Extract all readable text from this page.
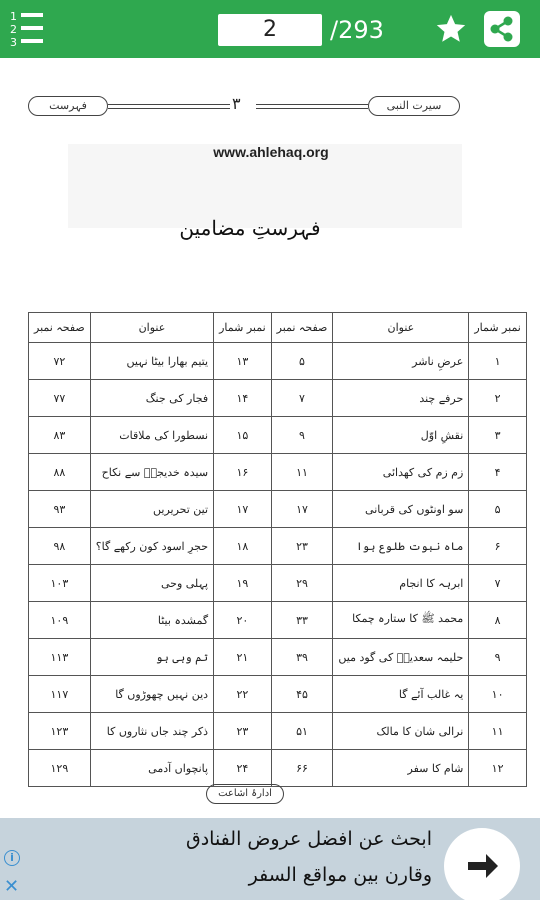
1
2
3
2	/293
فہرست	۳	سیرت النبی
www.ahlehaq.org
فہرستِ مضامین
صفحہ نمبر	عنوان	نمبر شمار	صفحہ نمبر	عنوان	نمبر شمار
۷۲	یتیم بھارا بیٹا نہیں	۱۳	۵	عرضِ ناشر	۱
۷۷	فجار کی جنگ	۱۴	۷	حرفے چند	۲
۸۳	نسطورا کی ملاقات	۱۵	۹	نقشِ اوّل	۳
۸۸	سیدہ خدیجہؓ سے نکاح	۱۶	۱۱	زم زم کی کھدائی	۴
۹۳	تین تحریریں	۱۷	۱۷	سو اونٹوں کی قربانی	۵
۹۸	حجرِ اسود کون رکھے گا؟	۱۸	۲۳	ماہ نبوت طلوع ہوا	۶
۱۰۳	پہلی وحی	۱۹	۲۹	ابرہہ کا انجام	۷
۱۰۹	گمشدہ بیٹا	۲۰	۳۳	محمد ﷺ کا ستارہ چمکا	۸
۱۱۳	تم وہی ہو	۲۱	۳۹	حلیمہ سعدیہؓ کی گود میں	۹
۱۱۷	دین نہیں چھوڑوں گا	۲۲	۴۵	یہ غالب آئے گا	۱۰
۱۲۳	ذکر چند جاں نثاروں کا	۲۳	۵۱	نرالی شان کا مالک	۱۱
۱۲۹	پانچواں آدمی	۲۴	۶۶	شام کا سفر	۱۲
ادارۂ اشاعت
ابحث عن افضل عروض الفنادق
وقارن بين مواقع السفر
i
✕
